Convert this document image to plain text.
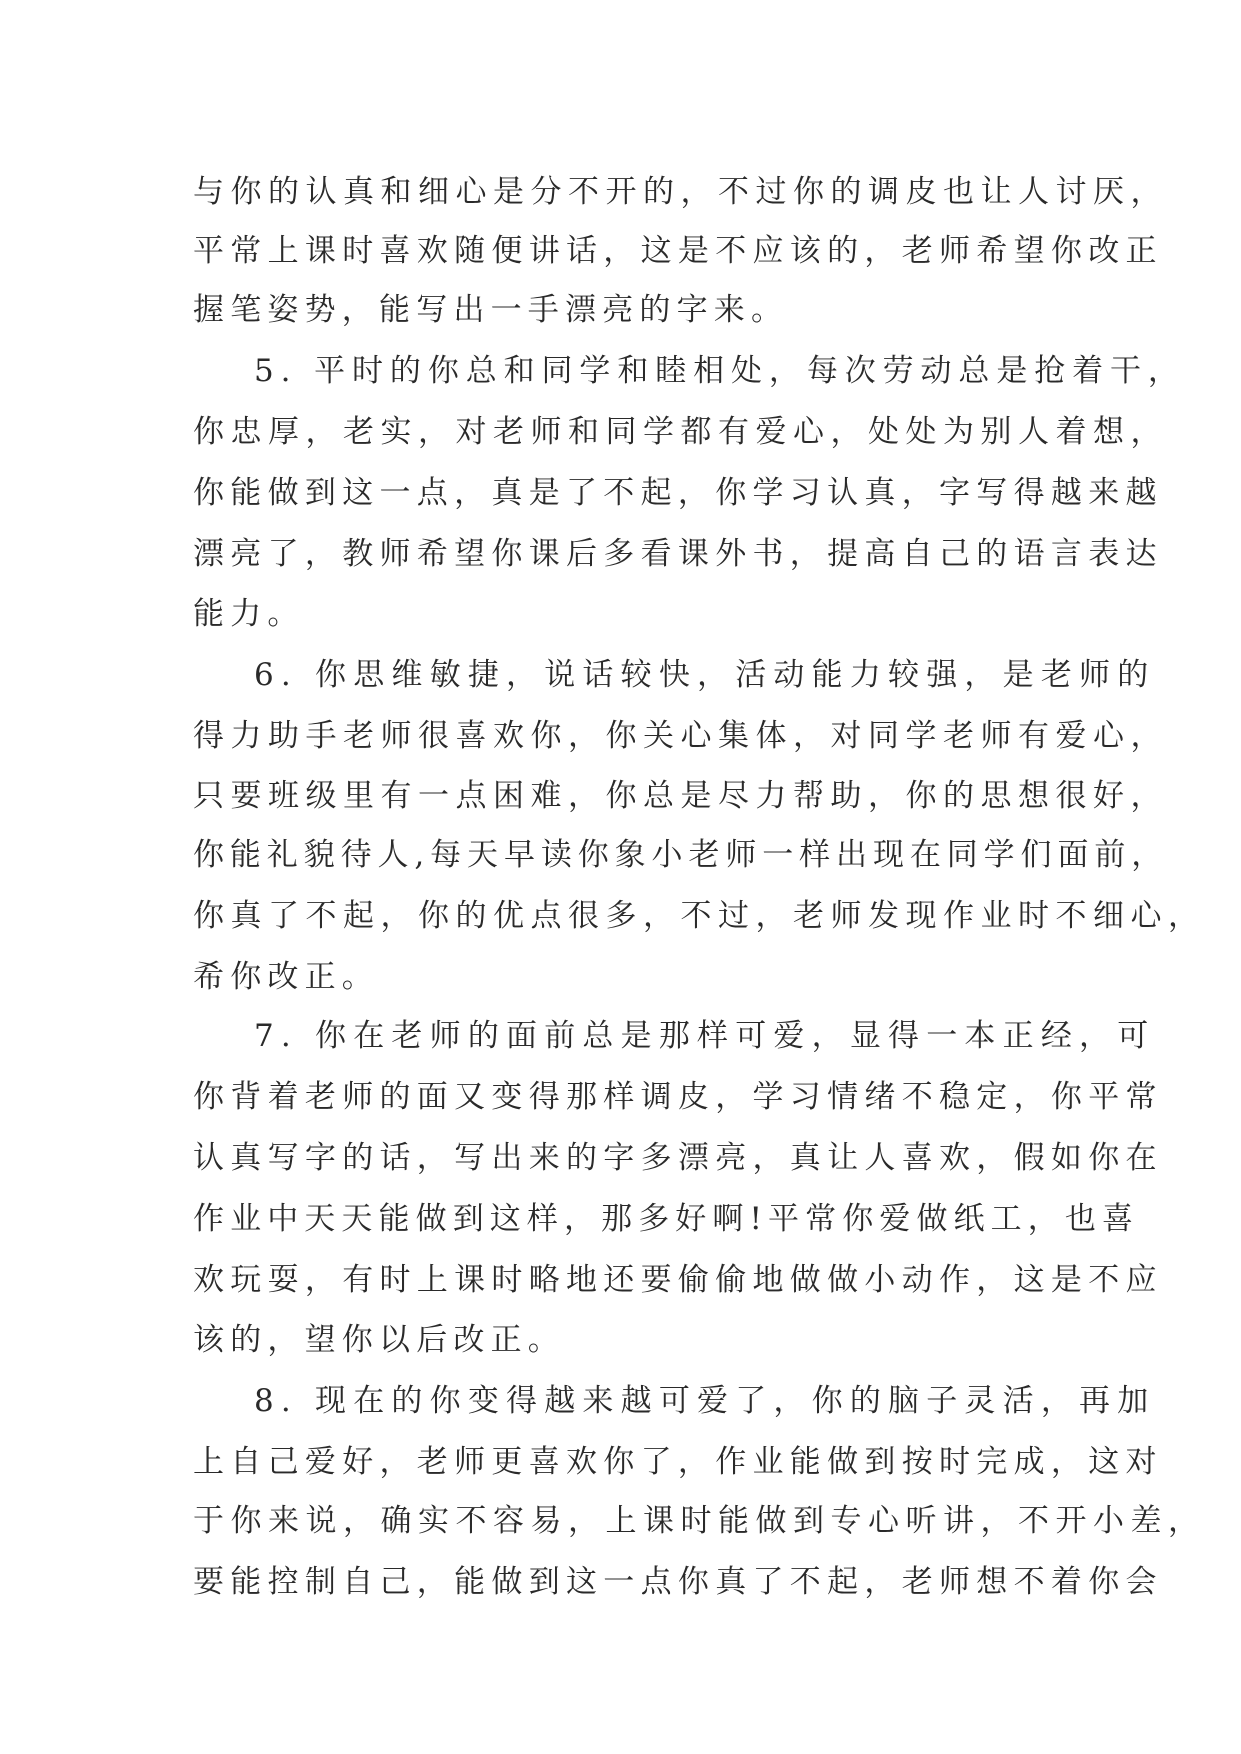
与你的认真和细心是分不开的，不过你的调皮也让人讨厌，

平常上课时喜欢随便讲话，这是不应该的，老师希望你改正

握笔姿势，能写出一手漂亮的字来。

5. 平时的你总和同学和睦相处，每次劳动总是抢着干，

你忠厚，老实，对老师和同学都有爱心，处处为别人着想，

你能做到这一点，真是了不起，你学习认真，字写得越来越

漂亮了，教师希望你课后多看课外书，提高自己的语言表达

能力。

6. 你思维敏捷，说话较快，活动能力较强，是老师的

得力助手老师很喜欢你，你关心集体，对同学老师有爱心，

只要班级里有一点困难，你总是尽力帮助，你的思想很好，

你能礼貌待人,每天早读你象小老师一样出现在同学们面前，

你真了不起，你的优点很多，不过，老师发现作业时不细心，

希你改正。

7. 你在老师的面前总是那样可爱，显得一本正经，可

你背着老师的面又变得那样调皮，学习情绪不稳定，你平常

认真写字的话，写出来的字多漂亮，真让人喜欢，假如你在

作业中天天能做到这样，那多好啊!平常你爱做纸工，也喜

欢玩耍，有时上课时略地还要偷偷地做做小动作，这是不应

该的，望你以后改正。

8. 现在的你变得越来越可爱了，你的脑子灵活，再加

上自己爱好，老师更喜欢你了，作业能做到按时完成，这对

于你来说，确实不容易，上课时能做到专心听讲，不开小差，

要能控制自己，能做到这一点你真了不起，老师想不着你会
